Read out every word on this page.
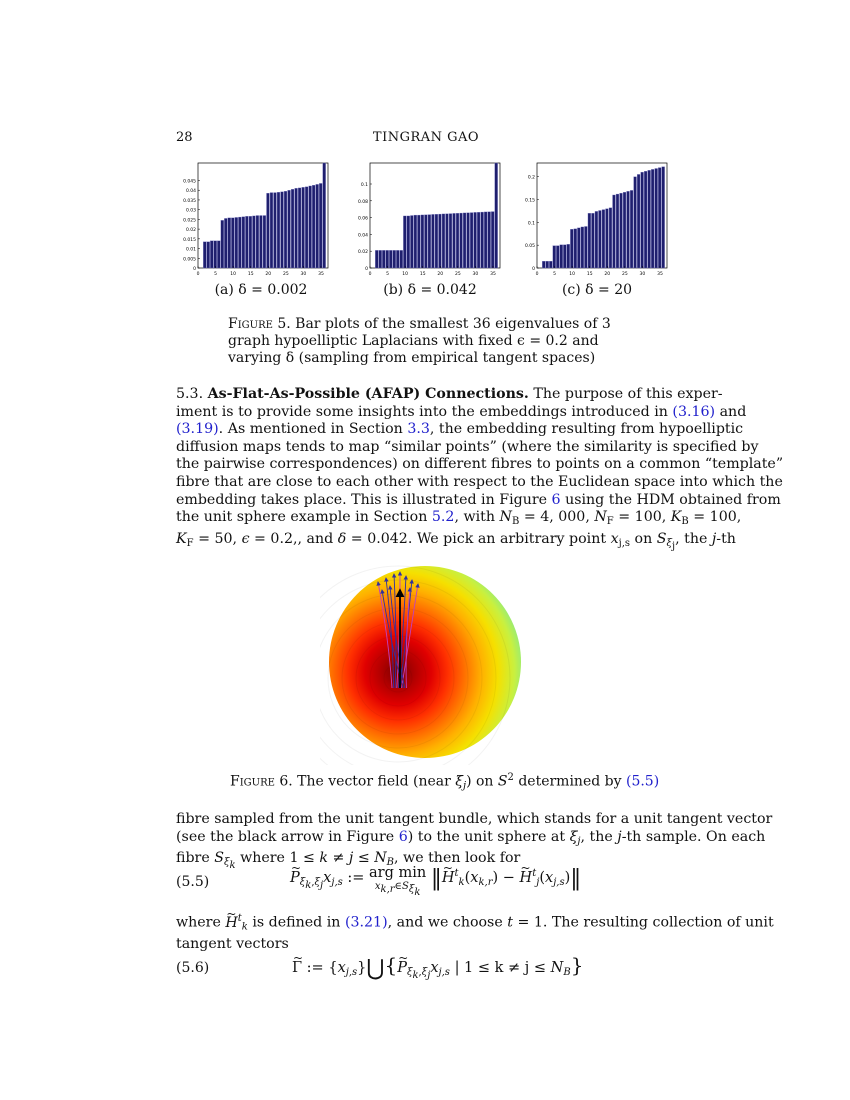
28	TINGRAN GAO
0
0.005
0.01
0.015
0.02
0.025
0.03
0.035
0.04
0.045
0	5	10	15	20	25	30	35
0
0.02
0.04
0.06
0.08
0.1
0	5	10	15	20	25	30	35
0
0.05
0.1
0.15
0.2
0	5	10	15	20	25	30	35
(a) δ = 0.002	(b) δ = 0.042	(c) δ = 20
Figure 5. Bar plots of the smallest 36 eigenvalues of 3 graph hypoelliptic Laplacians with fixed ϵ = 0.2 and varying δ (sampling from empirical tangent spaces)
5.3. As-Flat-As-Possible (AFAP) Connections. The purpose of this exper-
iment is to provide some insights into the embeddings introduced in (3.16) and
(3.19). As mentioned in Section 3.3, the embedding resulting from hypoelliptic
diffusion maps tends to map “similar points” (where the similarity is specified by
the pairwise correspondences) on different fibres to points on a common “template”
fibre that are close to each other with respect to the Euclidean space into which the
embedding takes place. This is illustrated in Figure 6 using the HDM obtained from
the unit sphere example in Section 5.2, with $N_B = 4$, 000, $N_F = 100$, $K_B = 100$,
$K_F = 50$, ϵ = 0.2,, and δ = 0.042. We pick an arbitrary point $x_{j,s}$ on $S_{\xi_j}$, the j-th
Figure 6. The vector field (near $\xi_j$) on $S^2$ determined by (5.5)
fibre sampled from the unit tangent bundle, which stands for a unit tangent vector
(see the black arrow in Figure 6) to the unit sphere at $\xi_j$, the j-th sample. On each
fibre $S_{\xi_k}$ where $1 \le k \ne j \le N_B$, we then look for
(5.5)	~ $P_{\xi_k,\xi_j}x_{j,s}$ := arg min
$x_{k,r}\in S_{\xi_k}$
‖~ $H^t_k(x_{k,r})$ − ~ $H^t_j(x_{j,s})‖$
where ~ $H^t_k$ is defined in (3.21), and we choose t = 1. The resulting collection of unit
tangent vectors
(5.6)	~ Γ := $\{x_{j,s}\}⋃\{\sim$ $P_{\xi_k,\xi_j}x_{j,s}$ | $1 \le k \ne j \le N_B$}
